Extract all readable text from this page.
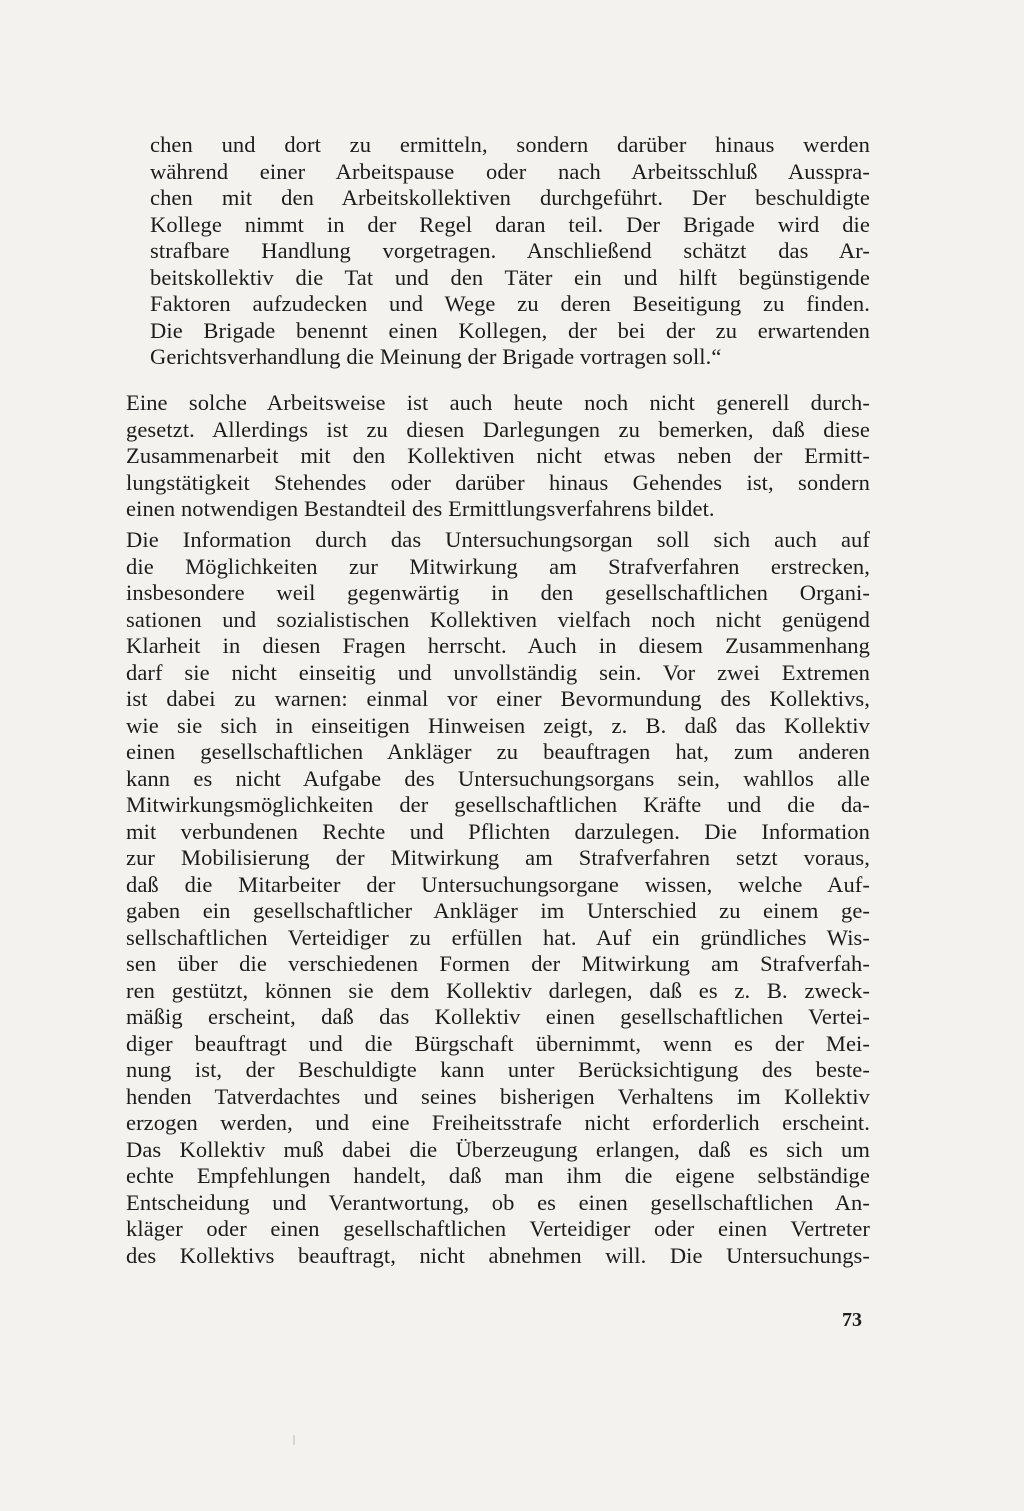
chen und dort zu ermitteln, sondern darüber hinaus werden
während einer Arbeitspause oder nach Arbeitsschluß Ausspra-
chen mit den Arbeitskollektiven durchgeführt. Der beschuldigte
Kollege nimmt in der Regel daran teil. Der Brigade wird die
strafbare Handlung vorgetragen. Anschließend schätzt das Ar-
beitskollektiv die Tat und den Täter ein und hilft begünstigende
Faktoren aufzudecken und Wege zu deren Beseitigung zu finden.
Die Brigade benennt einen Kollegen, der bei der zu erwartenden
Gerichtsverhandlung die Meinung der Brigade vortragen soll.“
Eine solche Arbeitsweise ist auch heute noch nicht generell durch-
gesetzt. Allerdings ist zu diesen Darlegungen zu bemerken, daß diese
Zusammenarbeit mit den Kollektiven nicht etwas neben der Ermitt-
lungstätigkeit Stehendes oder darüber hinaus Gehendes ist, sondern
einen notwendigen Bestandteil des Ermittlungsverfahrens bildet.
Die Information durch das Untersuchungsorgan soll sich auch auf
die Möglichkeiten zur Mitwirkung am Strafverfahren erstrecken,
insbesondere weil gegenwärtig in den gesellschaftlichen Organi-
sationen und sozialistischen Kollektiven vielfach noch nicht genügend
Klarheit in diesen Fragen herrscht. Auch in diesem Zusammenhang
darf sie nicht einseitig und unvollständig sein. Vor zwei Extremen
ist dabei zu warnen: einmal vor einer Bevormundung des Kollektivs,
wie sie sich in einseitigen Hinweisen zeigt, z. B. daß das Kollektiv
einen gesellschaftlichen Ankläger zu beauftragen hat, zum anderen
kann es nicht Aufgabe des Untersuchungsorgans sein, wahllos alle
Mitwirkungsmöglichkeiten der gesellschaftlichen Kräfte und die da-
mit verbundenen Rechte und Pflichten darzulegen. Die Information
zur Mobilisierung der Mitwirkung am Strafverfahren setzt voraus,
daß die Mitarbeiter der Untersuchungsorgane wissen, welche Auf-
gaben ein gesellschaftlicher Ankläger im Unterschied zu einem ge-
sellschaftlichen Verteidiger zu erfüllen hat. Auf ein gründliches Wis-
sen über die verschiedenen Formen der Mitwirkung am Strafverfah-
ren gestützt, können sie dem Kollektiv darlegen, daß es z. B. zweck-
mäßig erscheint, daß das Kollektiv einen gesellschaftlichen Vertei-
diger beauftragt und die Bürgschaft übernimmt, wenn es der Mei-
nung ist, der Beschuldigte kann unter Berücksichtigung des beste-
henden Tatverdachtes und seines bisherigen Verhaltens im Kollektiv
erzogen werden, und eine Freiheitsstrafe nicht erforderlich erscheint.
Das Kollektiv muß dabei die Überzeugung erlangen, daß es sich um
echte Empfehlungen handelt, daß man ihm die eigene selbständige
Entscheidung und Verantwortung, ob es einen gesellschaftlichen An-
kläger oder einen gesellschaftlichen Verteidiger oder einen Vertreter
des Kollektivs beauftragt, nicht abnehmen will. Die Untersuchungs-
73
